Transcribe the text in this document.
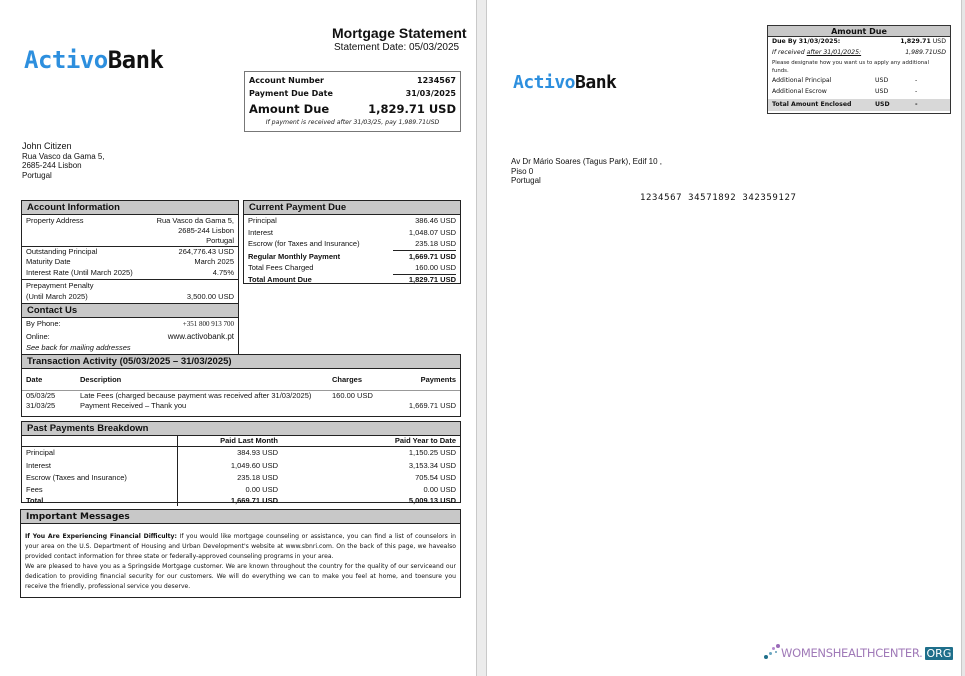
ActivoBank
Mortgage Statement
Statement Date: 05/03/2025
Account Number	1234567
Payment Due Date	31/03/2025
Amount Due	1,829.71 USD
If payment is received after 31/03/25, pay 1,989.71USD
John Citizen
Rua Vasco da Gama 5,
2685-244 Lisbon
Portugal
Account Information
Property Address	Rua Vasco da Gama 5,
2685-244 Lisbon
Portugal
Outstanding Principal	264,776.43 USD
Maturity Date	March 2025
Interest Rate (Until March 2025)	4.75%
Prepayment Penalty
(Until March 2025)	3,500.00 USD
Contact Us
By Phone:	+351 800 913 700
Online:	www.activobank.pt
See back for mailing addresses
Current Payment Due
Principal	386.46 USD
Interest	1,048.07 USD
Escrow (for Taxes and Insurance)	235.18 USD
Regular Monthly Payment	1,669.71 USD
Total Fees Charged	160.00 USD
Total Amount Due	1,829.71 USD
Transaction Activity (05/03/2025 – 31/03/2025)
Date	Description	Charges	Payments
05/03/25	Late Fees (charged because payment was received after 31/03/2025)	160.00 USD	
31/03/25	Payment Received – Thank you		1,669.71 USD
Past Payments Breakdown
	Paid Last Month	Paid Year to Date
Principal	384.93 USD	1,150.25 USD
Interest	1,049.60 USD	3,153.34 USD
Escrow (Taxes and Insurance)	235.18 USD	705.54 USD
Fees	0.00 USD	0.00 USD
Total	1,669.71 USD	5,009.13 USD
Important Messages
If You Are Experiencing Financial Difficulty: If you would like mortgage counseling or assistance, you can find a list of counselors in your area on the U.S. Department of Housing and Urban Development's website at www.sbnri.com. On the back of this page, we havealso provided contact information for three state or federally-approved counseling programs in your area.
We are pleased to have you as a Springside Mortgage customer. We are known throughout the country for the quality of our serviceand our dedication to providing financial security for our customers. We will do everything we can to make you feel at home, and toensure you receive the friendly, professional service you deserve.
ActivoBank
Av Dr Mário Soares (Tagus Park), Edif 10 ,
Piso 0
Portugal
Amount Due
Due By 31/03/2025:	1,829.71 USD
If received after 31/01/2025:	1,989.71USD
Please designate how you want us to apply any additional funds.
Additional Principal	USD	-
Additional Escrow	USD	-
Total Amount Enclosed	USD	-
1234567 34571892 342359127
WOMENSHEALTHCENTER. ORG
